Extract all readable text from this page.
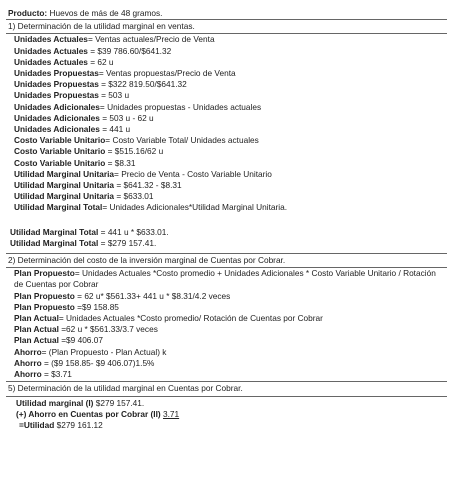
Producto: Huevos de más de 48 gramos.
1) Determinación de la utilidad marginal en ventas.
Unidades Actuales= Ventas actuales/Precio de Venta
Unidades Actuales = $39 786.60/$641.32
Unidades Actuales = 62 u
Unidades Propuestas= Ventas propuestas/Precio de Venta
Unidades Propuestas = $322 819.50/$641.32
Unidades Propuestas = 503 u
Unidades Adicionales= Unidades propuestas - Unidades actuales
Unidades Adicionales = 503 u - 62 u
Unidades Adicionales = 441 u
Costo Variable Unitario= Costo Variable Total/ Unidades actuales
Costo Variable Unitario = $515.16/62 u
Costo Variable Unitario = $8.31
Utilidad Marginal Unitaria= Precio de Venta - Costo Variable Unitario
Utilidad Marginal Unitaria = $641.32 - $8.31
Utilidad Marginal Unitaria = $633.01
Utilidad Marginal Total= Unidades Adicionales*Utilidad Marginal Unitaria.
Utilidad Marginal Total = 441 u * $633.01.
Utilidad Marginal Total = $279 157.41.
2) Determinación del costo de la inversión marginal de Cuentas por Cobrar.
Plan Propuesto= Unidades Actuales *Costo promedio + Unidades Adicionales * Costo Variable Unitario / Rotación de Cuentas por Cobrar
Plan Propuesto = 62 u* $561.33+ 441 u * $8.31/4.2 veces
Plan Propuesto =$9 158.85
Plan Actual= Unidades Actuales *Costo promedio/ Rotación de Cuentas por Cobrar
Plan Actual =62 u * $561.33/3.7 veces
Plan Actual =$9 406.07
Ahorro= (Plan Propuesto - Plan Actual) k
Ahorro = ($9 158.85- $9 406.07)1.5%
Ahorro = $3.71
5) Determinación de la utilidad marginal en Cuentas por Cobrar.
Utilidad marginal (I) $279 157.41.
(+) Ahorro en Cuentas por Cobrar (II) 3.71
=Utilidad $279 161.12
